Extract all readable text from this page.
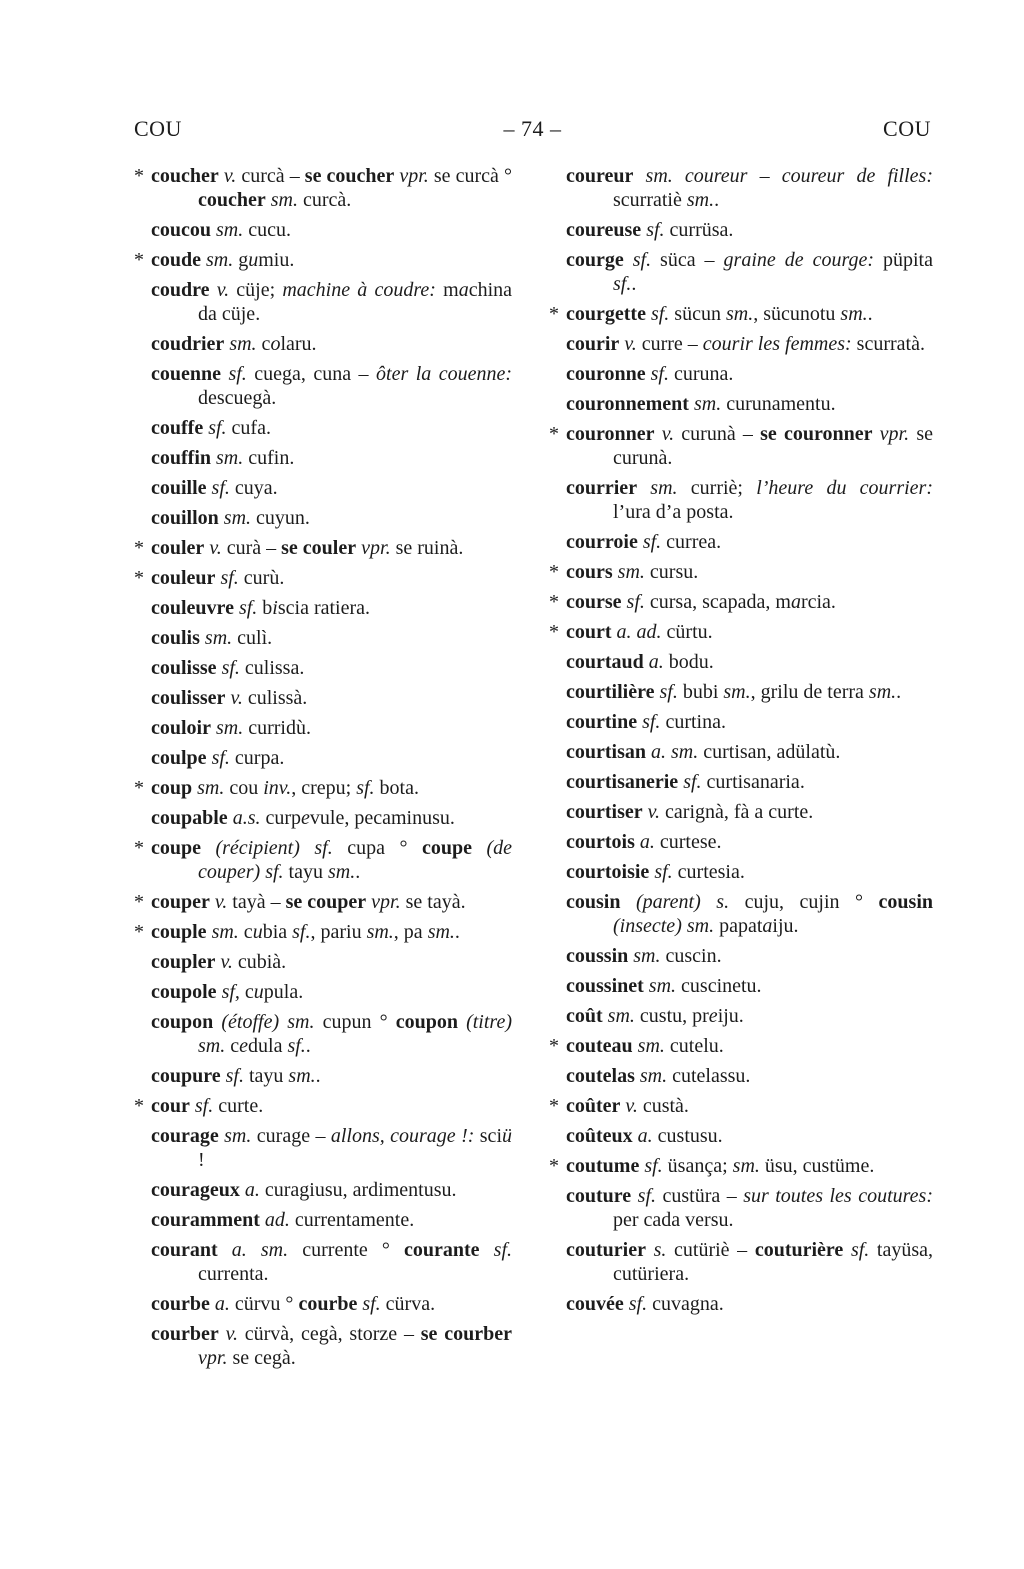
COU	– 74 –	COU
* coucher v. curcà – se coucher vpr. se curcà ° coucher sm. curcà.
coucou sm. cucu.
* coude sm. gumiu.
coudre v. cüje; machine à coudre: machina da cüje.
coudrier sm. colaru.
couenne sf. cuega, cuna – ôter la couenne: descuegà.
couffe sf. cufa.
couffin sm. cufin.
couille sf. cuya.
couillon sm. cuyun.
* couler v. curà – se couler vpr. se ruinà.
* couleur sf. curù.
couleuvre sf. biscia ratiera.
coulis sm. culì.
coulisse sf. culissa.
coulisser v. culissà.
couloir sm. curridù.
coulpe sf. curpa.
* coup sm. cou inv., crepu; sf. bota.
coupable a.s. curpevule, pecaminusu.
* coupe (récipient) sf. cupa ° coupe (de couper) sf. tayu sm..
* couper v. tayà – se couper vpr. se tayà.
* couple sm. cubia sf., pariu sm., pa sm..
coupler v. cubià.
coupole sf, cupula.
coupon (étoffe) sm. cupun ° coupon (titre) sm. cedula sf..
coupure sf. tayu sm..
* cour sf. curte.
courage sm. curage – allons, courage !: sciü !
courageux a. curagiusu, ardimentusu.
couramment ad. currentamente.
courant a. sm. currente ° courante sf. currenta.
courbe a. cürvu ° courbe sf. cürva.
courber v. cürvà, cegà, storze – se courber vpr. se cegà.
coureur sm. coureur – coureur de filles: scurratiè sm..
coureuse sf. currüsa.
courge sf. süca – graine de courge: püpita sf..
* courgette sf. sücun sm., sücunotu sm..
courir v. curre – courir les femmes: scurratà.
couronne sf. curuna.
couronnement sm. curunamentu.
* couronner v. curunà – se couronner vpr. se curunà.
courrier sm. curriè; l’heure du courrier: l’ura d’a posta.
courroie sf. currea.
* cours sm. cursu.
* course sf. cursa, scapada, marcia.
* court a. ad. cürtu.
courtaud a. bodu.
courtilière sf. bubi sm., grilu de terra sm..
courtine sf. curtina.
courtisan a. sm. curtisan, adülatù.
courtisanerie sf. curtisanaria.
courtiser v. carignà, fà a curte.
courtois a. curtese.
courtoisie sf. curtesia.
cousin (parent) s. cuju, cujin ° cousin (insecte) sm. papataiju.
coussin sm. cuscin.
coussinet sm. cuscinetu.
coût sm. custu, preiju.
* couteau sm. cutelu.
coutelas sm. cutelassu.
* coûter v. custà.
coûteux a. custusu.
* coutume sf. üsança; sm. üsu, custüme.
couture sf. custüra – sur toutes les coutures: per cada versu.
couturier s. cutüriè – couturière sf. tayüsa, cutüriera.
couvée sf. cuvagna.
